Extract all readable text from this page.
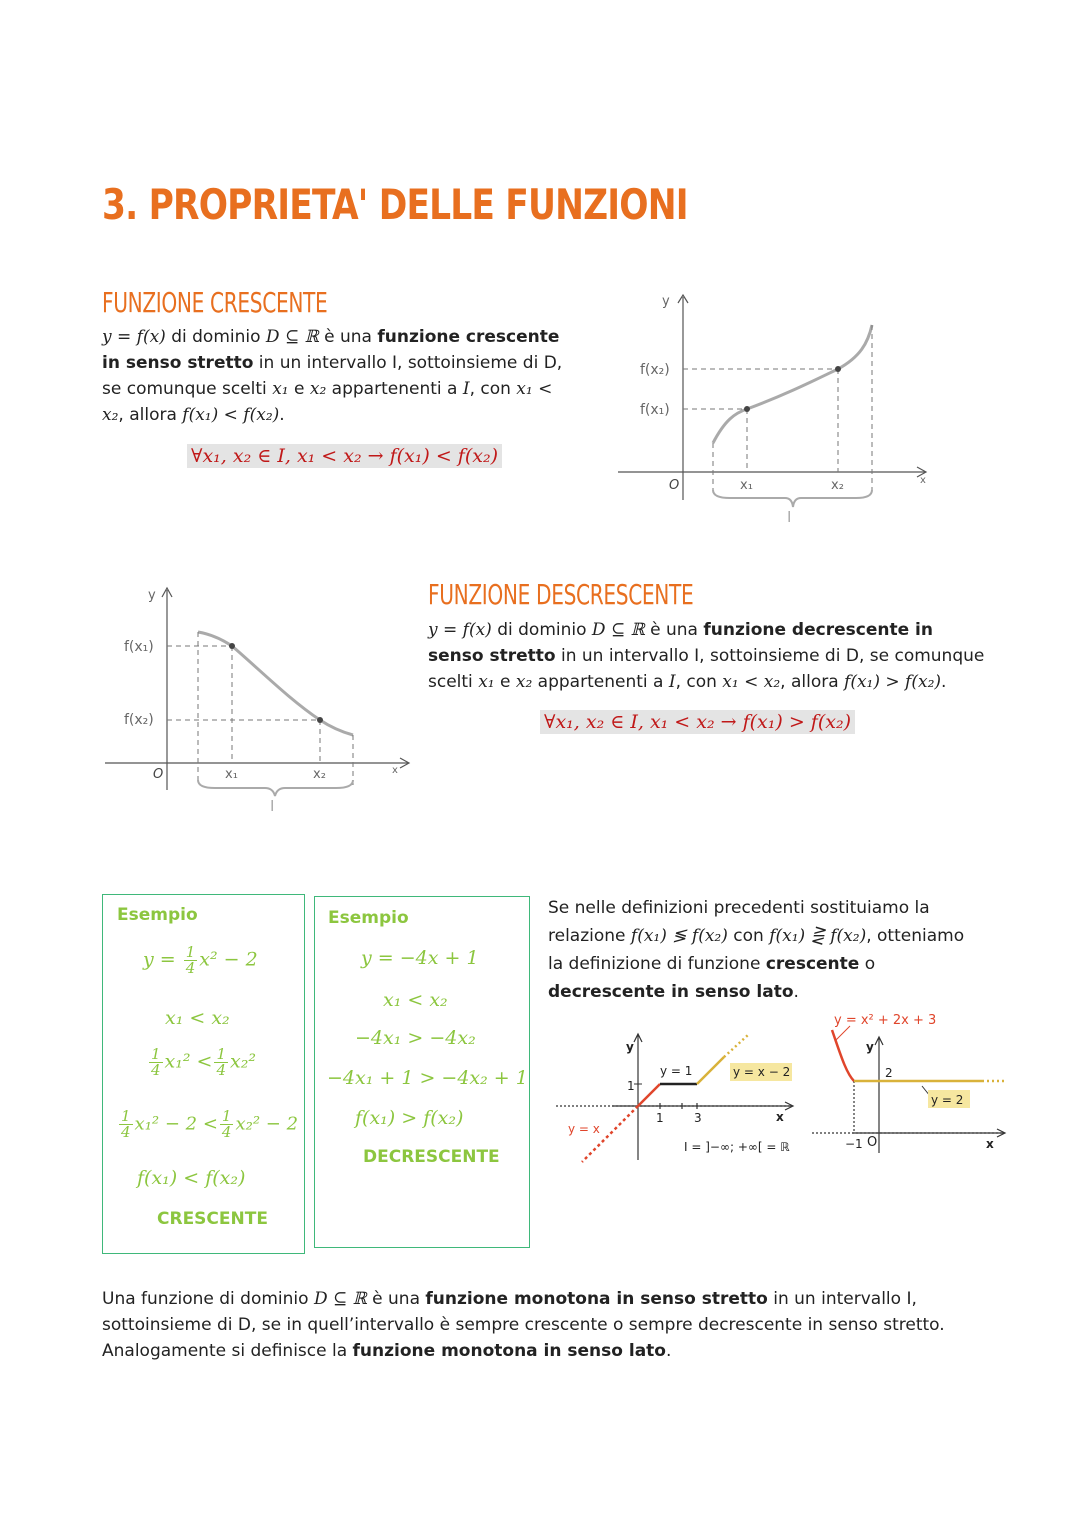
3. PROPRIETA' DELLE FUNZIONI
FUNZIONE CRESCENTE
y = f(x) di dominio D ⊆ ℝ è una funzione crescente in senso stretto in un intervallo I, sottoinsieme di D, se comunque scelti x₁ e x₂ appartenenti a I, con x₁ < x₂, allora f(x₁) < f(x₂).
∀x₁, x₂ ∈ I, x₁ < x₂ → f(x₁) < f(x₂)
y
x
O
f(x₂)
f(x₁)
x₁	x₂
I
y
x
O
f(x₁)
f(x₂)
x₁	x₂
I
FUNZIONE DESCRESCENTE
y = f(x) di dominio D ⊆ ℝ è una funzione decrescente in senso stretto in un intervallo I, sottoinsieme di D, se comunque scelti x₁ e x₂ appartenenti a I, con x₁ < x₂, allora f(x₁) > f(x₂).
∀x₁, x₂ ∈ I, x₁ < x₂ → f(x₁) > f(x₂)
Esempio
$y = \frac{1}{4} x^2 - 2$
x₁ < x₂
$\frac{1}{4} x_1^2 < \frac{1}{4} x_2^2$
$\frac{1}{4} x_1^2 - 2 < \frac{1}{4} x_2^2 - 2$
f(x₁) < f(x₂)
CRESCENTE
Esempio
y = −4x + 1
x₁ < x₂
−4x₁ > −4x₂
−4x₁ + 1 > −4x₂ + 1
f(x₁) > f(x₂)
DECRESCENTE
Se nelle definizioni precedenti sostituiamo la relazione f(x₁) ≶ f(x₂) con f(x₁) ⋛ f(x₂), otteniamo la definizione di funzione crescente o decrescente in senso lato.
y
x
y = 1	y = x − 2
y = x
1
1	3
I = ]−∞; +∞[ = ℝ
y = x² + 2x + 3
y
x
2
y = 2
−1 O
Una funzione di dominio D ⊆ ℝ è una funzione monotona in senso stretto in un intervallo I, sottoinsieme di D, se in quell’intervallo è sempre crescente o sempre decrescente in senso stretto. Analogamente si definisce la funzione monotona in senso lato.
